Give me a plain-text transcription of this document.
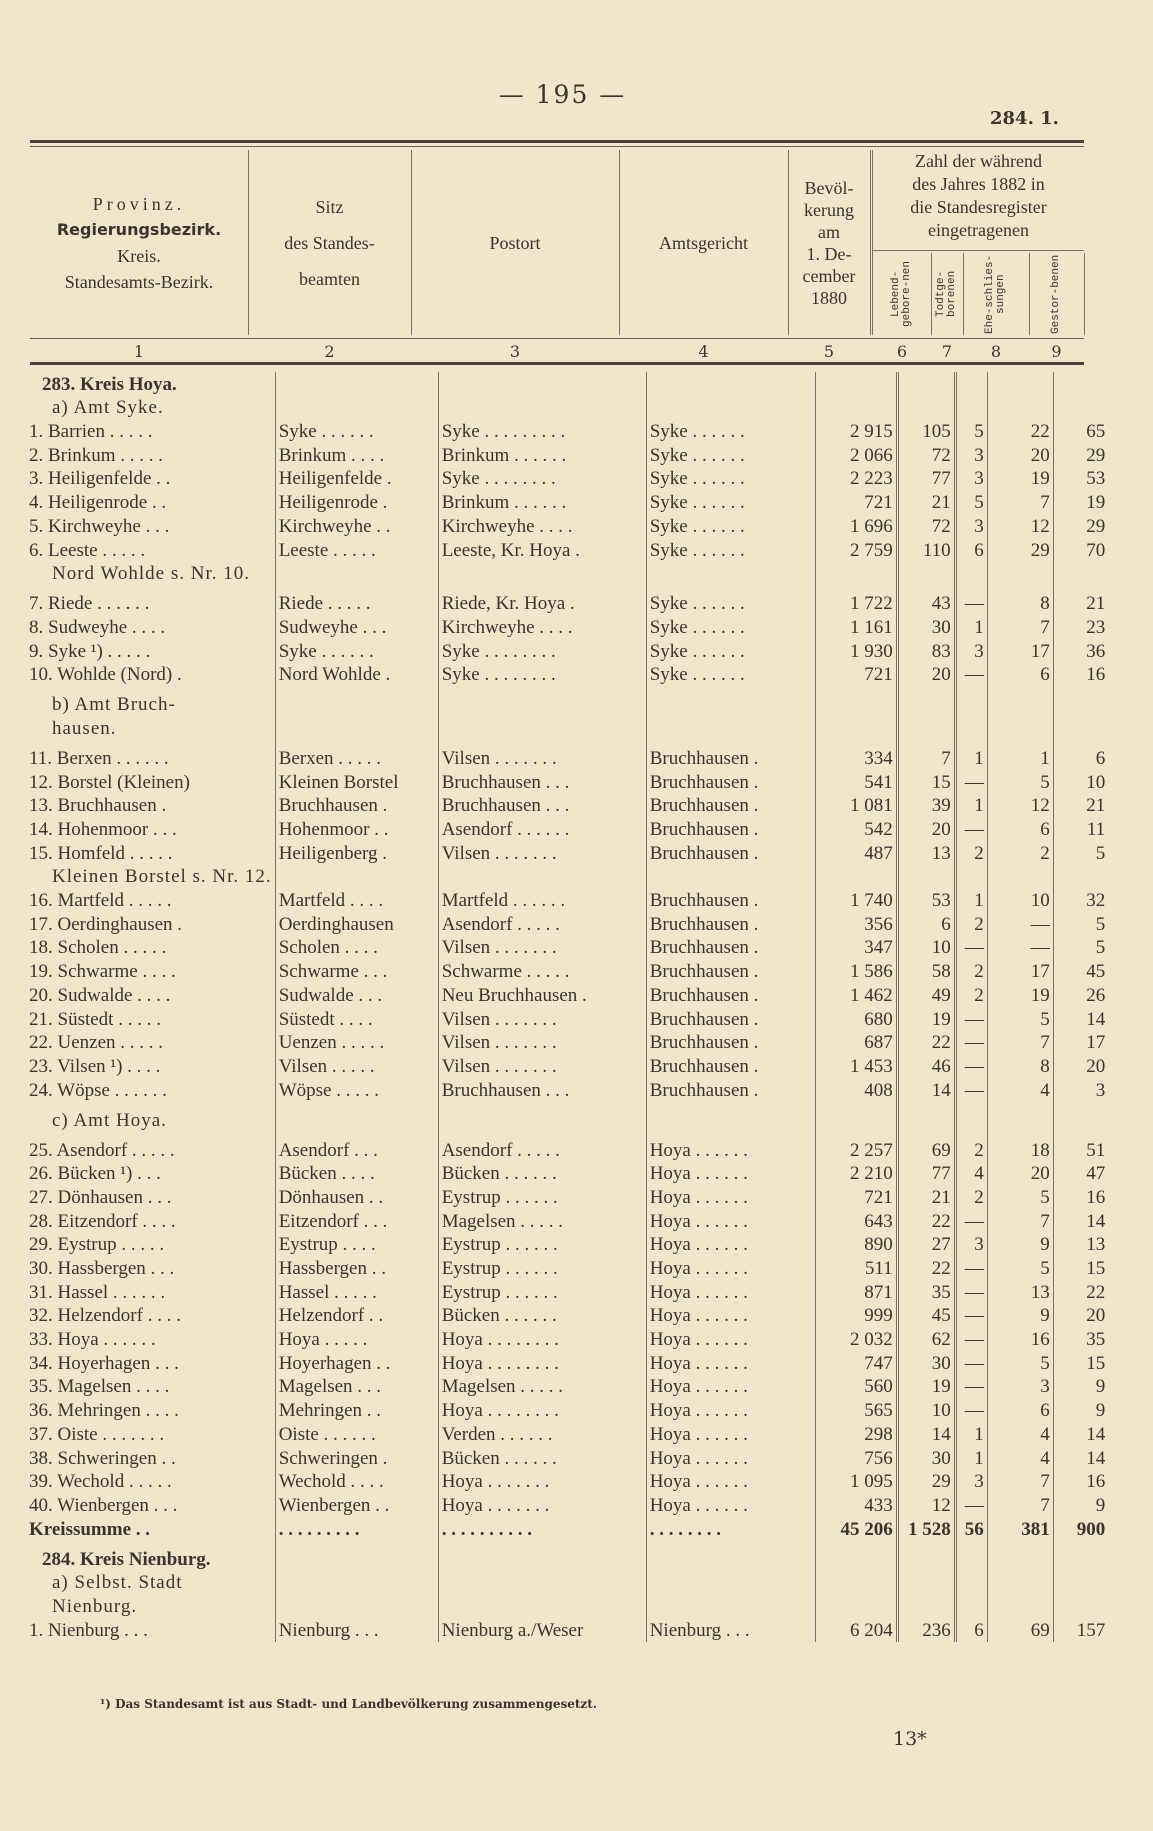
— 195 —
284. 1.
Provinz.
Regierungsbezirk.
Kreis.
Standesamts-Bezirk.
Sitz
des Standes-
beamten
Postort	Amtsgericht
Bevöl-
kerung
am
1. De-
cember
1880
Zahl der während
des Jahres 1882 in
die Standesregister
eingetragenen
Lebend-gebore-nen	Todtge-borenen	Ehe-schlies-sungen	Gestor-benen
1	2	3	4	5	6	7	8	9
283. Kreis Hoya.								
a) Amt Syke.								
1. Barrien . . . . .	Syke . . . . . .	Syke . . . . . . . . .	Syke . . . . . .	2 915	105	5	22	65
2. Brinkum . . . . .	Brinkum . . . .	Brinkum . . . . . .	Syke . . . . . .	2 066	72	3	20	29
3. Heiligenfelde . .	Heiligenfelde .	Syke . . . . . . . .	Syke . . . . . .	2 223	77	3	19	53
4. Heiligenrode . .	Heiligenrode .	Brinkum . . . . . .	Syke . . . . . .	721	21	5	7	19
5. Kirchweyhe . . .	Kirchweyhe . .	Kirchweyhe . . . .	Syke . . . . . .	1 696	72	3	12	29
6. Leeste . . . . .	Leeste . . . . .	Leeste, Kr. Hoya .	Syke . . . . . .	2 759	110	6	29	70
Nord Wohlde s. Nr. 10.								
7. Riede . . . . . .	Riede . . . . .	Riede, Kr. Hoya .	Syke . . . . . .	1 722	43	—	8	21
8. Sudweyhe . . . .	Sudweyhe . . .	Kirchweyhe . . . .	Syke . . . . . .	1 161	30	1	7	23
9. Syke ¹) . . . . .	Syke . . . . . .	Syke . . . . . . . .	Syke . . . . . .	1 930	83	3	17	36
10. Wohlde (Nord) .	Nord Wohlde .	Syke . . . . . . . .	Syke . . . . . .	721	20	—	6	16
b) Amt Bruch-								
hausen.								
11. Berxen . . . . . .	Berxen . . . . .	Vilsen . . . . . . .	Bruchhausen .	334	7	1	1	6
12. Borstel (Kleinen)	Kleinen Borstel	Bruchhausen . . .	Bruchhausen .	541	15	—	5	10
13. Bruchhausen .	Bruchhausen .	Bruchhausen . . .	Bruchhausen .	1 081	39	1	12	21
14. Hohenmoor . . .	Hohenmoor . .	Asendorf . . . . . .	Bruchhausen .	542	20	—	6	11
15. Homfeld . . . . .	Heiligenberg .	Vilsen . . . . . . .	Bruchhausen .	487	13	2	2	5
Kleinen Borstel s. Nr. 12.								
16. Martfeld . . . . .	Martfeld . . . .	Martfeld . . . . . .	Bruchhausen .	1 740	53	1	10	32
17. Oerdinghausen .	Oerdinghausen	Asendorf . . . . .	Bruchhausen .	356	6	2	—	5
18. Scholen . . . . .	Scholen . . . .	Vilsen . . . . . . .	Bruchhausen .	347	10	—	—	5
19. Schwarme . . . .	Schwarme . . .	Schwarme . . . . .	Bruchhausen .	1 586	58	2	17	45
20. Sudwalde . . . .	Sudwalde . . .	Neu Bruchhausen .	Bruchhausen .	1 462	49	2	19	26
21. Süstedt . . . . .	Süstedt . . . .	Vilsen . . . . . . .	Bruchhausen .	680	19	—	5	14
22. Uenzen . . . . .	Uenzen . . . . .	Vilsen . . . . . . .	Bruchhausen .	687	22	—	7	17
23. Vilsen ¹) . . . .	Vilsen . . . . .	Vilsen . . . . . . .	Bruchhausen .	1 453	46	—	8	20
24. Wöpse . . . . . .	Wöpse . . . . .	Bruchhausen . . .	Bruchhausen .	408	14	—	4	3
c) Amt Hoya.								
25. Asendorf . . . . .	Asendorf . . .	Asendorf . . . . .	Hoya . . . . . .	2 257	69	2	18	51
26. Bücken ¹) . . .	Bücken . . . .	Bücken . . . . . .	Hoya . . . . . .	2 210	77	4	20	47
27. Dönhausen . . .	Dönhausen . .	Eystrup . . . . . .	Hoya . . . . . .	721	21	2	5	16
28. Eitzendorf . . . .	Eitzendorf . . .	Magelsen . . . . .	Hoya . . . . . .	643	22	—	7	14
29. Eystrup . . . . .	Eystrup . . . .	Eystrup . . . . . .	Hoya . . . . . .	890	27	3	9	13
30. Hassbergen . . .	Hassbergen . .	Eystrup . . . . . .	Hoya . . . . . .	511	22	—	5	15
31. Hassel . . . . . .	Hassel . . . . .	Eystrup . . . . . .	Hoya . . . . . .	871	35	—	13	22
32. Helzendorf . . . .	Helzendorf . .	Bücken . . . . . .	Hoya . . . . . .	999	45	—	9	20
33. Hoya . . . . . .	Hoya . . . . .	Hoya . . . . . . . .	Hoya . . . . . .	2 032	62	—	16	35
34. Hoyerhagen . . .	Hoyerhagen . .	Hoya . . . . . . . .	Hoya . . . . . .	747	30	—	5	15
35. Magelsen . . . .	Magelsen . . .	Magelsen . . . . .	Hoya . . . . . .	560	19	—	3	9
36. Mehringen . . . .	Mehringen . .	Hoya . . . . . . . .	Hoya . . . . . .	565	10	—	6	9
37. Oiste . . . . . . .	Oiste . . . . . .	Verden . . . . . .	Hoya . . . . . .	298	14	1	4	14
38. Schweringen . .	Schweringen .	Bücken . . . . . .	Hoya . . . . . .	756	30	1	4	14
39. Wechold . . . . .	Wechold . . . .	Hoya . . . . . . .	Hoya . . . . . .	1 095	29	3	7	16
40. Wienbergen . . .	Wienbergen . .	Hoya . . . . . . .	Hoya . . . . . .	433	12	—	7	9
Kreissumme . .	. . . . . . . . .	. . . . . . . . . .	. . . . . . . .	45 206	1 528	56	381	900
284. Kreis Nienburg.								
a) Selbst. Stadt								
Nienburg.								
1. Nienburg . . .	Nienburg . . .	Nienburg a./Weser	Nienburg . . .	6 204	236	6	69	157
¹) Das Standesamt ist aus Stadt- und Landbevölkerung zusammengesetzt.
13*
